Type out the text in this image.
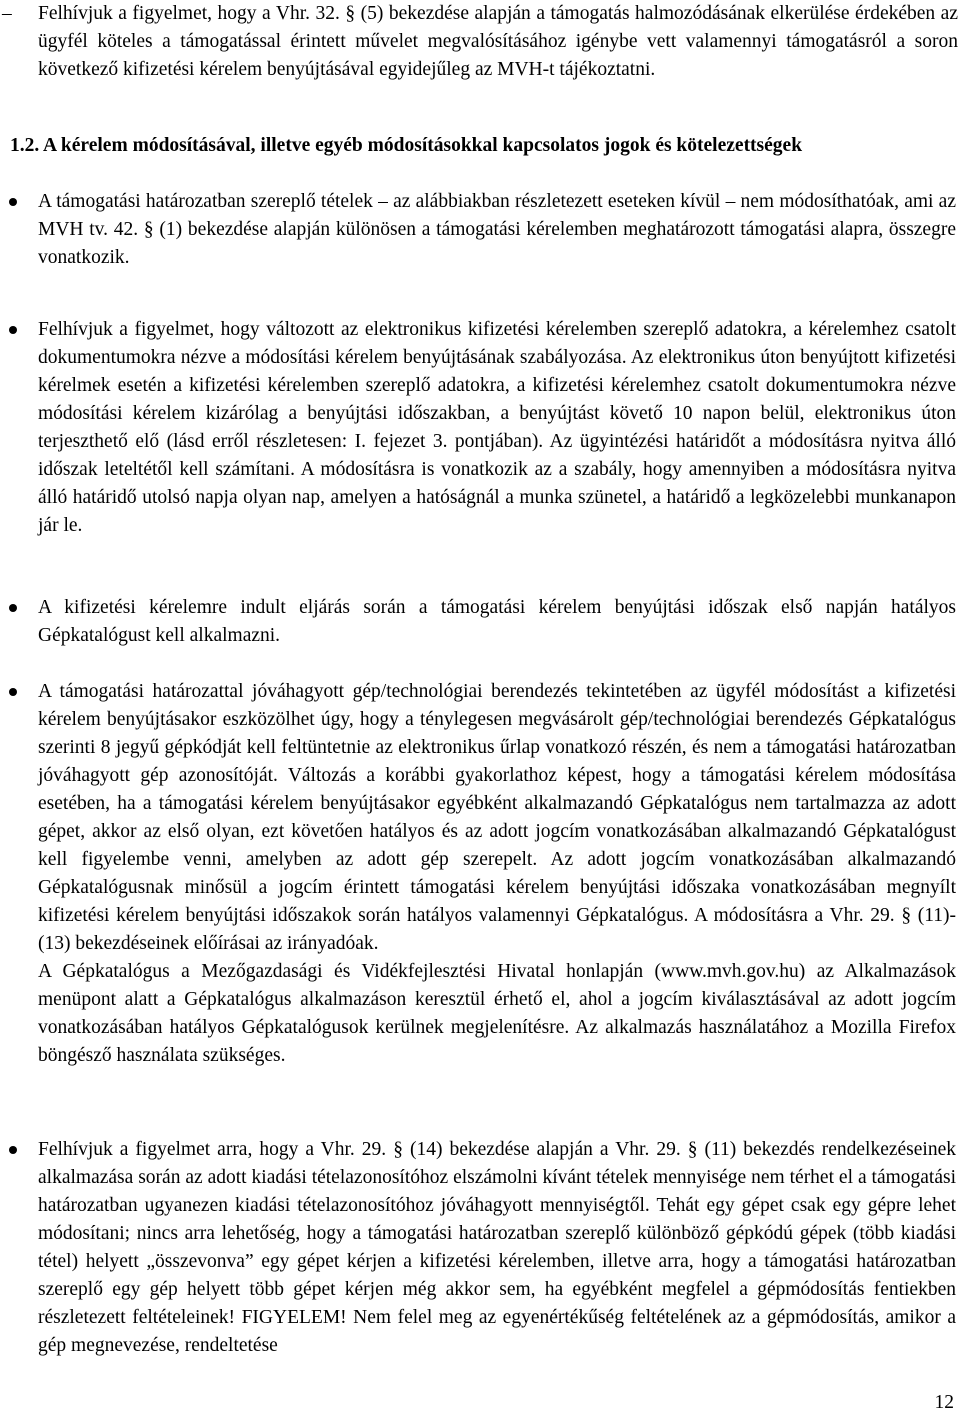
– Felhívjuk a figyelmet, hogy a Vhr. 32. § (5) bekezdése alapján a támogatás halmozódásának elkerülése érdekében az ügyfél köteles a támogatással érintett művelet megvalósításához igénybe vett valamennyi támogatásról a soron következő kifizetési kérelem benyújtásával egyidejűleg az MVH-t tájékoztatni.
1.2. A kérelem módosításával, illetve egyéb módosításokkal kapcsolatos jogok és kötelezettségek

A támogatási határozatban szereplő tételek – az alábbiakban részletezett eseteken kívül – nem módosíthatóak, ami az MVH tv. 42. § (1) bekezdése alapján különösen a támogatási kérelemben meghatározott támogatási alapra, összegre vonatkozik.

Felhívjuk a figyelmet, hogy változott az elektronikus kifizetési kérelemben szereplő adatokra, a kérelemhez csatolt dokumentumokra nézve a módosítási kérelem benyújtásának szabályozása. Az elektronikus úton benyújtott kifizetési kérelmek esetén a kifizetési kérelemben szereplő adatokra, a kifizetési kérelemhez csatolt dokumentumokra nézve módosítási kérelem kizárólag a benyújtási időszakban, a benyújtást követő 10 napon belül, elektronikus úton terjeszthető elő (lásd erről részletesen: I. fejezet 3. pontjában). Az ügyintézési határidőt a módosításra nyitva álló időszak leteltétől kell számítani. A módosításra is vonatkozik az a szabály, hogy amennyiben a módosításra nyitva álló határidő utolsó napja olyan nap, amelyen a hatóságnál a munka szünetel, a határidő a legközelebbi munkanapon jár le.

A kifizetési kérelemre indult eljárás során a támogatási kérelem benyújtási időszak első napján hatályos Gépkatalógust kell alkalmazni.

A támogatási határozattal jóváhagyott gép/technológiai berendezés tekintetében az ügyfél módosítást a kifizetési kérelem benyújtásakor eszközölhet úgy, hogy a ténylegesen megvásárolt gép/technológiai berendezés Gépkatalógus szerinti 8 jegyű gépkódját kell feltüntetnie az elektronikus űrlap vonatkozó részén, és nem a támogatási határozatban jóváhagyott gép azonosítóját. Változás a korábbi gyakorlathoz képest, hogy a támogatási kérelem módosítása esetében, ha a támogatási kérelem benyújtásakor egyébként alkalmazandó Gépkatalógus nem tartalmazza az adott gépet, akkor az első olyan, ezt követően hatályos és az adott jogcím vonatkozásában alkalmazandó Gépkatalógust kell figyelembe venni, amelyben az adott gép szerepelt. Az adott jogcím vonatkozásában alkalmazandó Gépkatalógusnak minősül a jogcím érintett támogatási kérelem benyújtási időszaka vonatkozásában megnyílt kifizetési kérelem benyújtási időszakok során hatályos valamennyi Gépkatalógus. A módosításra a Vhr. 29. § (11)-(13) bekezdéseinek előírásai az irányadóak.

A Gépkatalógus a Mezőgazdasági és Vidékfejlesztési Hivatal honlapján (www.mvh.gov.hu) az Alkalmazások menüpont alatt a Gépkatalógus alkalmazáson keresztül érhető el, ahol a jogcím kiválasztásával az adott jogcím vonatkozásában hatályos Gépkatalógusok kerülnek megjelenítésre. Az alkalmazás használatához a Mozilla Firefox böngésző használata szükséges.

Felhívjuk a figyelmet arra, hogy a Vhr. 29. § (14) bekezdése alapján a Vhr. 29. § (11) bekezdés rendelkezéseinek alkalmazása során az adott kiadási tételazonosítóhoz elszámolni kívánt tételek mennyisége nem térhet el a támogatási határozatban ugyanezen kiadási tételazonosítóhoz jóváhagyott mennyiségtől. Tehát egy gépet csak egy gépre lehet módosítani; nincs arra lehetőség, hogy a támogatási határozatban szereplő különböző gépkódú gépek (több kiadási tétel) helyett „összevonva” egy gépet kérjen a kifizetési kérelemben, illetve arra, hogy a támogatási határozatban szereplő egy gép helyett több gépet kérjen még akkor sem, ha egyébként megfelel a gépmódosítás fentiekben részletezett feltételeinek! FIGYELEM! Nem felel meg az egyenértékűség feltételének az a gépmódosítás, amikor a gép megnevezése, rendeltetése

12
